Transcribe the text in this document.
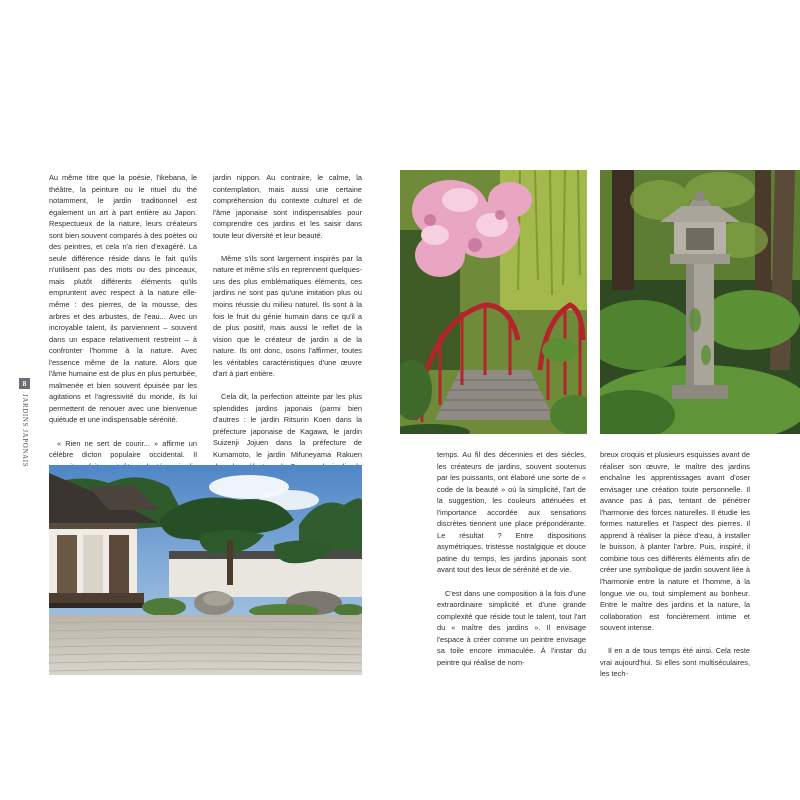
Au même titre que la poésie, l'ikebana, le théâtre, la peinture ou le rituel du thé notamment, le jardin traditionnel est également un art à part entière au Japon. Respectueux de la nature, leurs créateurs sont bien souvent comparés à des poètes ou des peintres, et cela n'a rien d'exagéré. La seule différence réside dans le fait qu'ils n'utilisent pas des mots ou des pinceaux, mais plutôt différents éléments qu'ils empruntent avec respect à la nature elle-même : des pierres, de la mousse, des arbres et des arbustes, de l'eau... Avec un incroyable talent, ils parviennent – souvent dans un espace relativement restreint – à confronter l'homme à la nature. Avec l'essence même de la nature. Alors que l'âme humaine est de plus en plus perturbée, malmenée et bien souvent épuisée par les agitations et l'agressivité du monde, ils lui permettent de renouer avec une bienvenue quiétude et une indispensable sérénité.

« Rien ne sert de courir... » affirme un célèbre dicton populaire occidental. Il

jardin nippon. Au contraire, le calme, la contemplation, mais aussi une certaine compréhension du contexte culturel et de l'âme japonaise sont indispensables pour comprendre ces jardins et les saisir dans toute leur diversité et leur beauté.

Même s'ils sont largement inspirés par la nature et même s'ils en reprennent quelques-uns des plus emblématiques éléments, ces jardins ne sont pas qu'une imitation plus ou moins réussie du milieu naturel. Ils sont à la fois le fruit du génie humain dans ce qu'il a de plus positif, mais aussi le reflet de la vision que le créateur de jardin a de la nature. Ils ont donc, osons l'affirmer, toutes les véritables caractéristiques d'une œuvre d'art à part entière.

Cela dit, la perfection atteinte par les plus splendides jardins japonais (parmi bien d'autres : le jardin Ritsurin Koen dans la préfecture japonaise de Kagawa, le jardin Suizenji Jojuen dans la préfecture de Kumamoto, le jardin Mifuneyama Rakuen	temps. Au fil des décennies et des siècles, les créateurs de jardins, souvent soutenus par les puissants, ont élaboré une sorte de « code de la beauté » où la simplicité, l'art de la suggestion, les couleurs atténuées et l'importance accordée aux sensations discrètes tiennent une place prépondérante. Le résultat ? Entre dispositions asymétriques, tristesse nostalgique et douce patine du temps, les jardins japonais sont avant tout des lieux de sérénité et de vie.

C'est dans une composition à la fois d'une extraordinaire simplicité et d'une grande complexité que réside tout le talent, tout l'art du « maître des jardins ». Il envisage l'espace à créer comme un peintre envisage sa toile encore immaculée. À l'instar du peintre qui réalise de nom-

breux croquis et plusieurs esquisses avant de réaliser son œuvre, le maître des jardins enchaîne les apprentissages avant d'oser envisager une création toute personnelle. Il avance pas à pas, tentant de pénétrer l'harmonie des forces naturelles. Il étudie les formes naturelles et l'aspect des pierres. Il apprend à réaliser la pièce d'eau, à installer le buisson, à planter l'arbre. Puis, inspiré, il combine tous ces différents éléments afin de créer une symbolique de jardin souvent liée à l'harmonie entre la nature et l'homme, à la longue vie ou, tout simplement au bonheur. Entre le maître des jardins et la nature, la collaboration est foncièrement intime et souvent intense.

Il en a de tous temps été ainsi. Cela reste vrai aujourd'hui. Si elles sont multiséculaires, les tech-

8
JARDINS JAPONAIS
